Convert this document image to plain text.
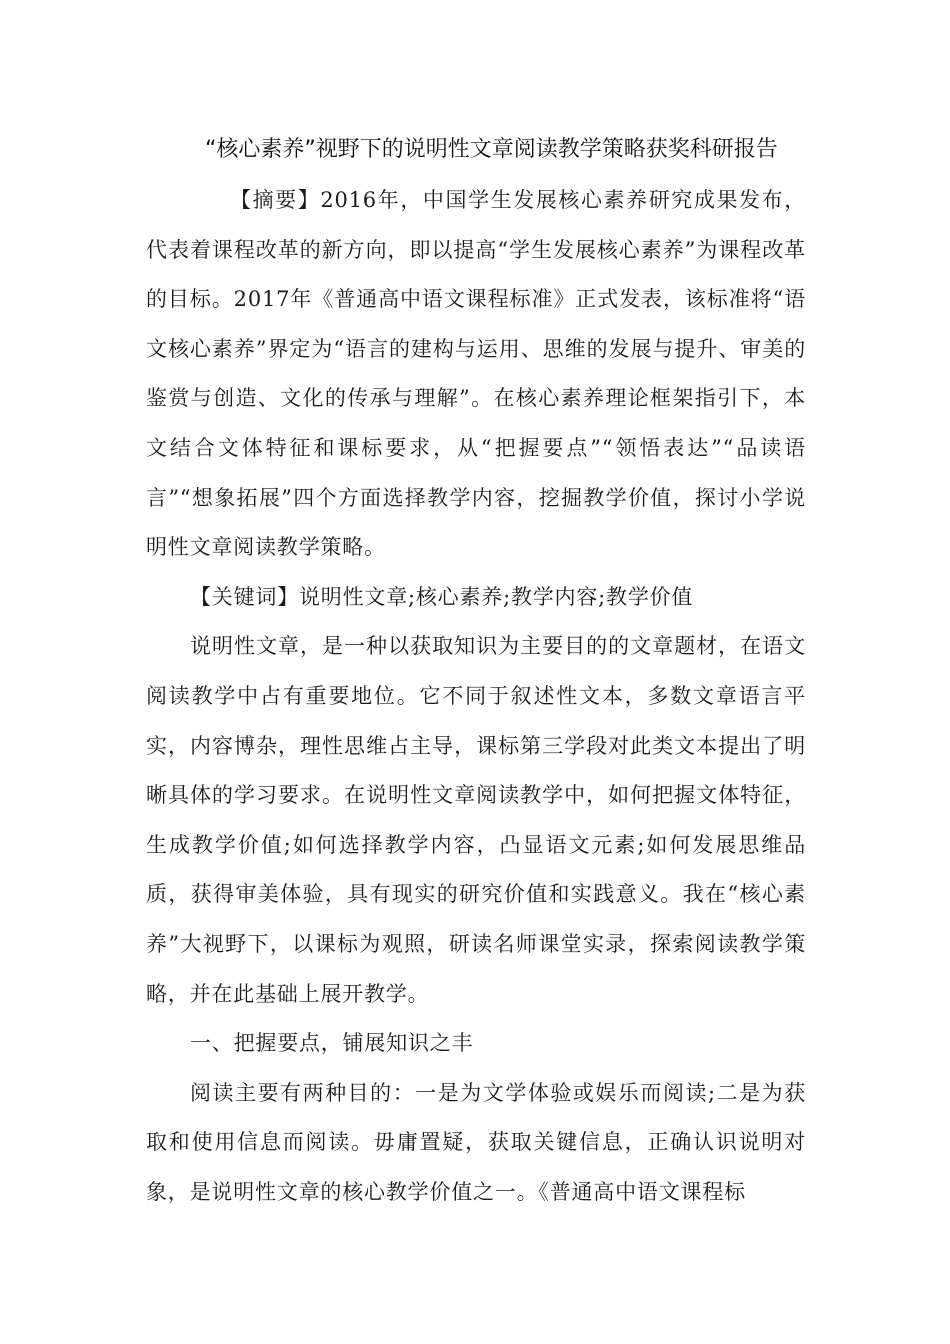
“核心素养”视野下的说明性文章阅读教学策略获奖科研报告

【摘要】2016年，中国学生发展核心素养研究成果发布，代表着课程改革的新方向，即以提高“学生发展核心素养”为课程改革的目标。2017年《普通高中语文课程标准》正式发表，该标准将“语文核心素养”界定为“语言的建构与运用、思维的发展与提升、审美的鉴赏与创造、文化的传承与理解”。在核心素养理论框架指引下，本文结合文体特征和课标要求，从“把握要点”“领悟表达”“品读语言”“想象拓展”四个方面选择教学内容，挖掘教学价值，探讨小学说明性文章阅读教学策略。

【关键词】说明性文章;核心素养;教学内容;教学价值

说明性文章，是一种以获取知识为主要目的的文章题材，在语文阅读教学中占有重要地位。它不同于叙述性文本，多数文章语言平实，内容博杂，理性思维占主导，课标第三学段对此类文本提出了明晰具体的学习要求。在说明性文章阅读教学中，如何把握文体特征，生成教学价值;如何选择教学内容，凸显语文元素;如何发展思维品质，获得审美体验，具有现实的研究价值和实践意义。我在“核心素养”大视野下，以课标为观照，研读名师课堂实录，探索阅读教学策略，并在此基础上展开教学。

一、把握要点，铺展知识之丰

阅读主要有两种目的：一是为文学体验或娱乐而阅读;二是为获取和使用信息而阅读。毋庸置疑，获取关键信息，正确认识说明对象，是说明性文章的核心教学价值之一。《普通高中语文课程标
